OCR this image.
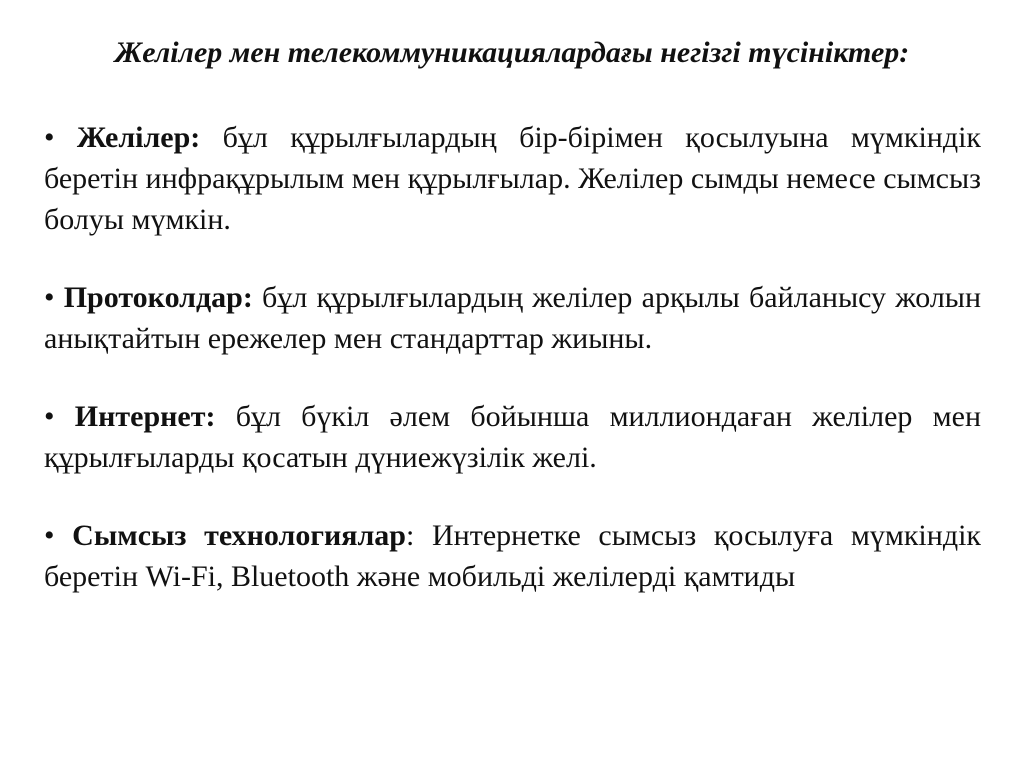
Желілер мен телекоммуникациялардағы негізгі түсініктер:
• Желілер: бұл құрылғылардың бір-бірімен қосылуына мүмкіндік беретін инфрақұрылым мен құрылғылар. Желілер сымды немесе сымсыз болуы мүмкін.
• Протоколдар: бұл құрылғылардың желілер арқылы байланысу жолын анықтайтын ережелер мен стандарттар жиыны.
• Интернет: бұл бүкіл әлем бойынша миллиондаған желілер мен құрылғыларды қосатын дүниежүзілік желі.
• Сымсыз технологиялар: Интернетке сымсыз қосылуға мүмкіндік беретін Wi-Fi, Bluetooth және мобильді желілерді қамтиды
